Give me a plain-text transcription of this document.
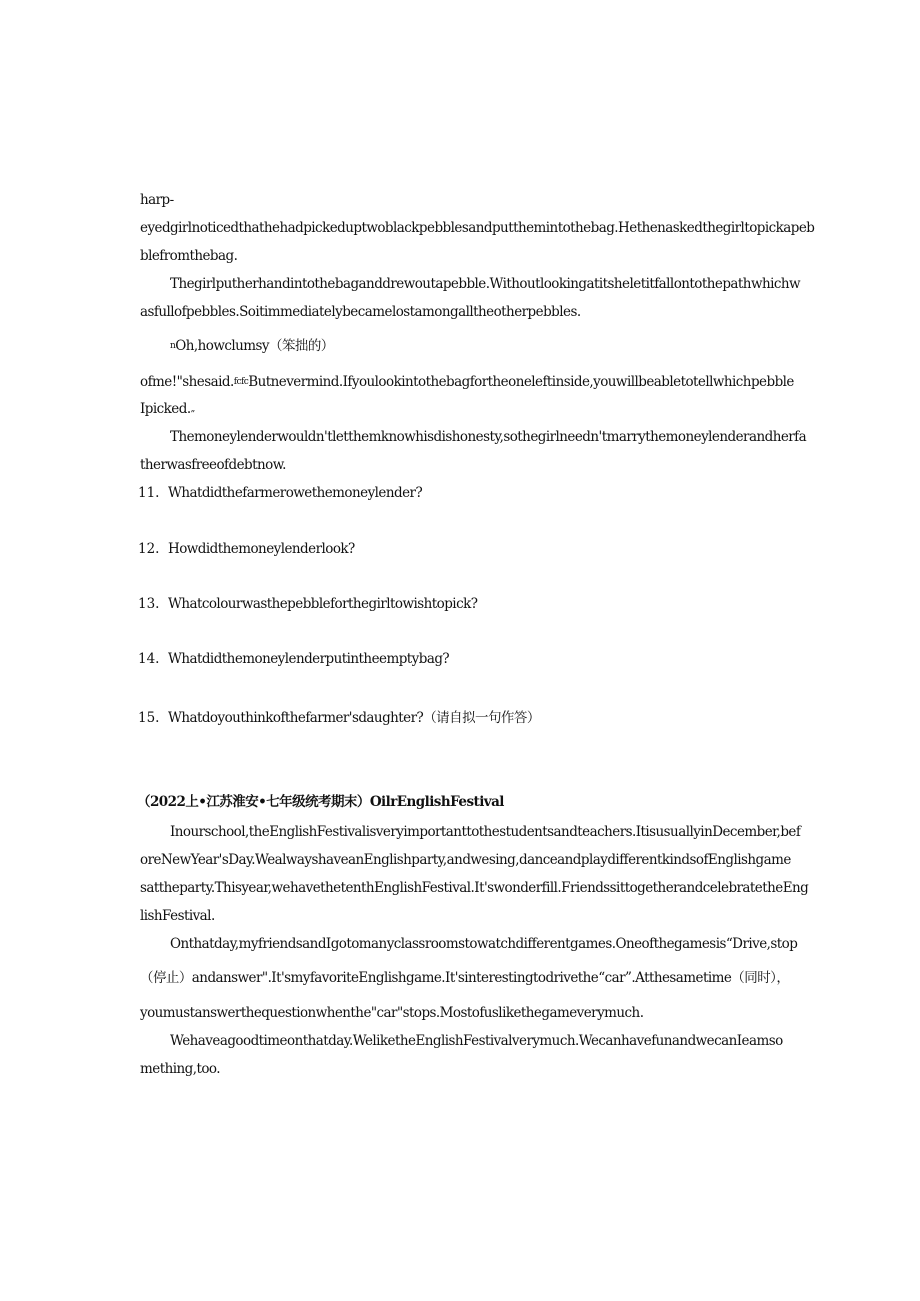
harp-
eyedgirlnoticedthathehadpickeduptwoblackpebblesandputthemintothebag.Hethenaskedthegirltopickapeb
blefromthebag.
Thegirlputherhandintothebaganddrewoutapebble.Withoutlookingatitsheletitfallontothepathwhichw
asfullofpebbles.Soitimmediatelybecamelostamongalltheotherpebbles.
$^n$Oh,howclumsy（笨拙的）
ofme!"shesaid.$^{fcfc}$Butnevermind.Ifyoulookintothebagfortheoneleftinside,youwillbeabletotellwhichpebble
Ipicked.„
Themoneylenderwouldn'tletthemknowhisdishonesty,sothegirlneedn'tmarrythemoneylenderandherfa
therwasfreeofdebtnow.
11. Whatdidthefarmerowethemoneylender?
12. Howdidthemoneylenderlook?
13. Whatcolourwasthepebbleforthegirltowishtopick?
14. Whatdidthemoneylenderputintheemptybag?
15. Whatdoyouthinkofthefarmer'sdaughter?（请自拟一句作答）
（2022上•江苏淮安•七年级统考期末）OilrEnglishFestival
Inourschool,theEnglishFestivalisveryimportanttothestudentsandteachers.ItisusuallyinDecember,bef
oreNewYear'sDay.WealwayshaveanEnglishparty,andwesing,danceandplaydifferentkindsofEnglishgame
sattheparty.Thisyear,wehavethetenthEnglishFestival.It'swonderfill.FriendssittogetherandcelebratetheEng
lishFestival.
Onthatday,myfriendsandIgotomanyclassroomstowatchdifferentgames.Oneofthegamesis“Drive,stop
（停止）andanswer".It'smyfavoriteEnglishgame.It'sinterestingtodrivethe“car”.Atthesametime（同时），
youmustanswerthequestionwhenthe"car"stops.Mostofuslikethegameverymuch.
Wehaveagoodtimeonthatday.WeliketheEnglishFestivalverymuch.WecanhavefunandwecanIeamso
mething,too.
